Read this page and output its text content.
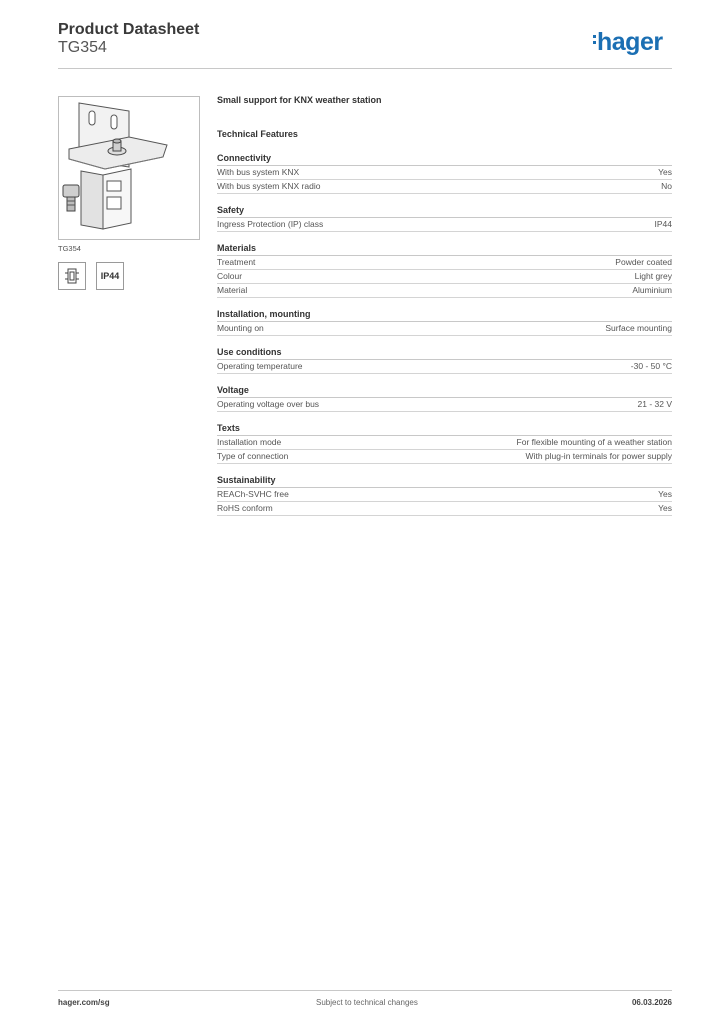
Product Datasheet
TG354	hager
TG354
IP44
Small support for KNX weather station
Technical Features
Connectivity
With bus system KNX	Yes
With bus system KNX radio	No
Safety
Ingress Protection (IP) class	IP44
Materials
Treatment	Powder coated
Colour	Light grey
Material	Aluminium
Installation, mounting
Mounting on	Surface mounting
Use conditions
Operating temperature	-30 - 50 °C
Voltage
Operating voltage over bus	21 - 32 V
Texts
Installation mode	For flexible mounting of a weather station
Type of connection	With plug-in terminals for power supply
Sustainability
REACh-SVHC free	Yes
RoHS conform	Yes
hager.com/sg	Subject to technical changes	06.03.2026
